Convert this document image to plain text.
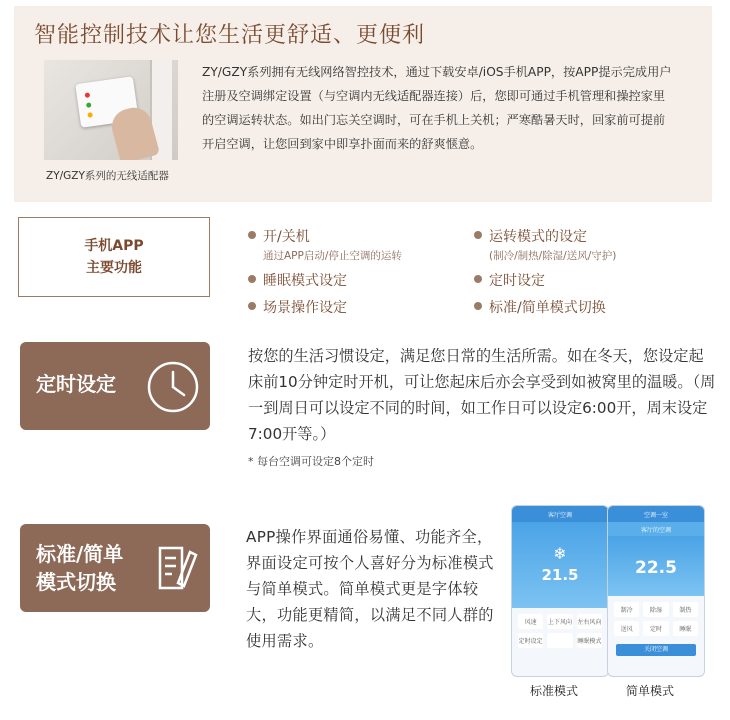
智能控制技术让您生活更舒适、更便利
ZY/GZY系列的无线适配器
ZY/GZY系列拥有无线网络智控技术，通过下载安卓/iOS手机APP，按APP提示完成用户注册及空调绑定设置（与空调内无线适配器连接）后，您即可通过手机管理和操控家里的空调运转状态。如出门忘关空调时，可在手机上关机；严寒酷暑天时，回家前可提前开启空调，让您回到家中即享扑面而来的舒爽惬意。
手机APP
主要功能
开/关机
通过APP启动/停止空调的运转
运转模式的设定
(制冷/制热/除湿/送风/守护)
睡眠模式设定	定时设定
场景操作设定	标准/简单模式切换
定时设定
按您的生活习惯设定，满足您日常的生活所需。如在冬天，您设定起床前10分钟定时开机，可让您起床后亦会享受到如被窝里的温暖。（周一到周日可以设定不同的时间，如工作日可以设定6:00开，周末设定7:00开等。）
* 每台空调可设定8个定时
标准/简单
模式切换
APP操作界面通俗易懂、功能齐全，界面设定可按个人喜好分为标准模式与简单模式。简单模式更是字体较大，功能更精简，以满足不同人群的使用需求。
客厅空调
❄
21.5
风速	上下风向 左右风向
定时设定	睡眠模式
标准模式
空调一室
客厅的空调
22.5
制冷	除湿	制热
送风	定时	睡眠
关闭空调
简单模式
